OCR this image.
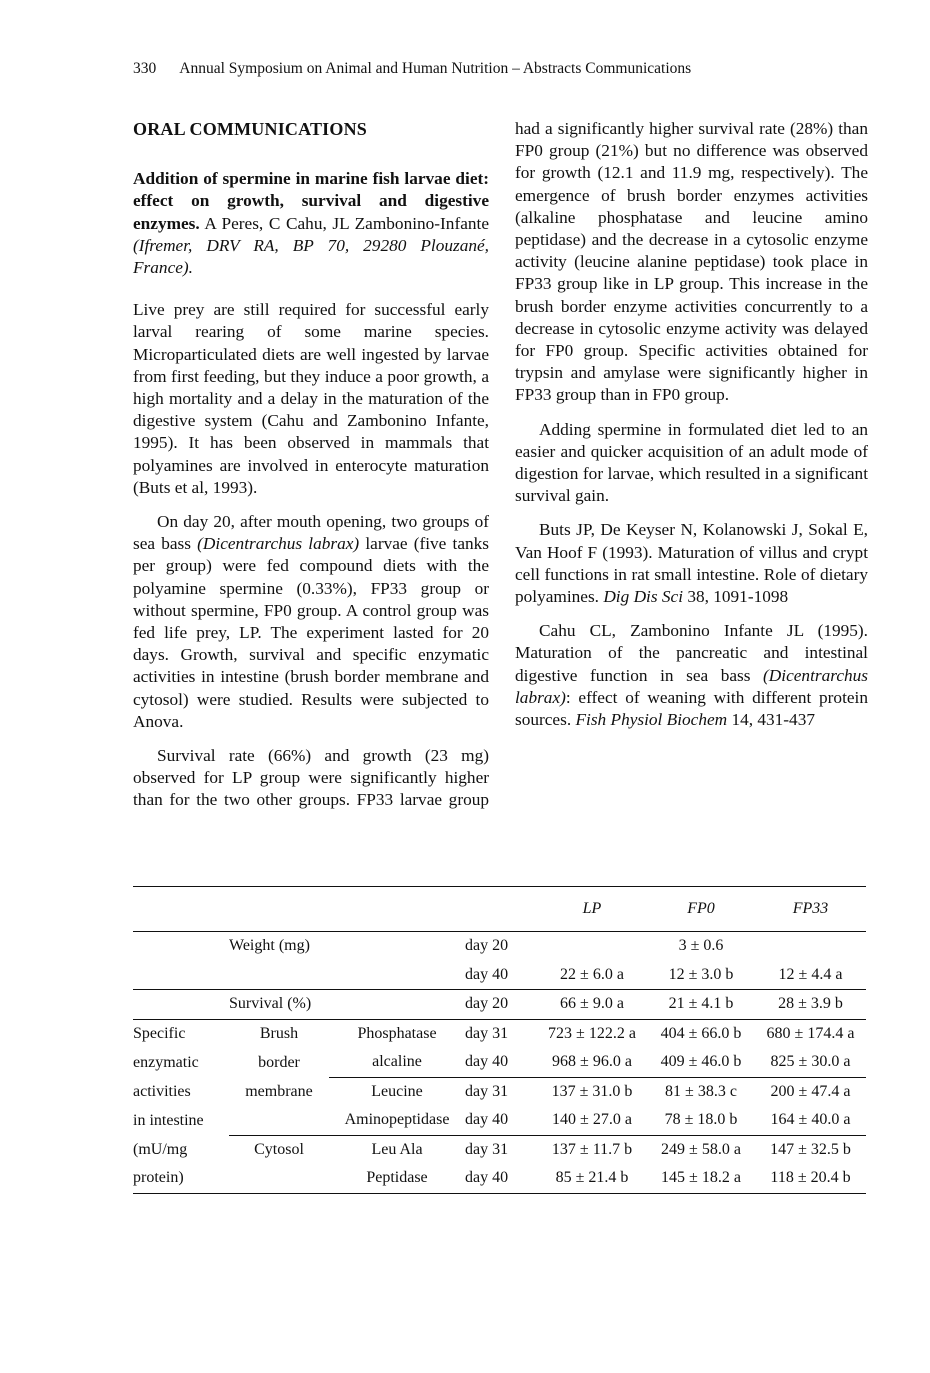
330 Annual Symposium on Animal and Human Nutrition – Abstracts Communications
ORAL COMMUNICATIONS

Addition of spermine in marine fish larvae diet: effect on growth, survival and digestive enzymes. A Peres, C Cahu, JL Zambonino-Infante (Ifremer, DRV RA, BP 70, 29280 Plouzané, France).

Live prey are still required for successful early larval rearing of some marine species. Microparticulated diets are well ingested by larvae from first feeding, but they induce a poor growth, a high mortality and a delay in the maturation of the digestive system (Cahu and Zambonino Infante, 1995). It has been observed in mammals that polyamines are involved in enterocyte maturation (Buts et al, 1993).

On day 20, after mouth opening, two groups of sea bass (Dicentrarchus labrax) larvae (five tanks per group) were fed compound diets with the polyamine spermine (0.33%), FP33 group or without spermine, FP0 group. A control group was fed life prey, LP. The experiment lasted for 20 days. Growth, survival and specific enzymatic activities in intestine (brush border membrane and cytosol) were studied. Results were subjected to Anova.

Survival rate (66%) and growth (23 mg) observed for LP group were significantly higher than for the two other groups. FP33 larvae group

				LP	FP0	FP33
	Weight (mg)		day 20		3 ± 0.6	
			day 40	22 ± 6.0 a	12 ± 3.0 b	12 ± 4.4 a
	Survival (%)		day 20	66 ± 9.0 a	21 ± 4.1 b	28 ± 3.9 b
Specific	Brush	Phosphatase	day 31	723 ± 122.2 a	404 ± 66.0 b	680 ± 174.4 a
enzymatic	border	alcaline	day 40	968 ± 96.0 a	409 ± 46.0 b	825 ± 30.0 a
activities	membrane	Leucine	day 31	137 ± 31.0 b	81 ± 38.3 c	200 ± 47.4 a
in intestine		Aminopeptidase	day 40	140 ± 27.0 a	78 ± 18.0 b	164 ± 40.0 a
(mU/mg	Cytosol	Leu Ala	day 31	137 ± 11.7 b	249 ± 58.0 a	147 ± 32.5 b
protein)		Peptidase	day 40	85 ± 21.4 b	145 ± 18.2 a	118 ± 20.4 b

had a significantly higher survival rate (28%) than FP0 group (21%) but no difference was observed for growth (12.1 and 11.9 mg, respectively). The emergence of brush border enzymes activities (alkaline phosphatase and leucine amino peptidase) and the decrease in a cytosolic enzyme activity (leucine alanine peptidase) took place in FP33 group like in LP group. This increase in the brush border enzyme activities concurrently to a decrease in cytosolic enzyme activity was delayed for FP0 group. Specific activities obtained for trypsin and amylase were significantly higher in FP33 group than in FP0 group.

Adding spermine in formulated diet led to an easier and quicker acquisition of an adult mode of digestion for larvae, which resulted in a significant survival gain.

Buts JP, De Keyser N, Kolanowski J, Sokal E, Van Hoof F (1993). Maturation of villus and crypt cell functions in rat small intestine. Role of dietary polyamines. Dig Dis Sci 38, 1091-1098

Cahu CL, Zambonino Infante JL (1995). Maturation of the pancreatic and intestinal digestive function in sea bass (Dicentrarchus labrax): effect of weaning with different protein sources. Fish Physiol Biochem 14, 431-437
